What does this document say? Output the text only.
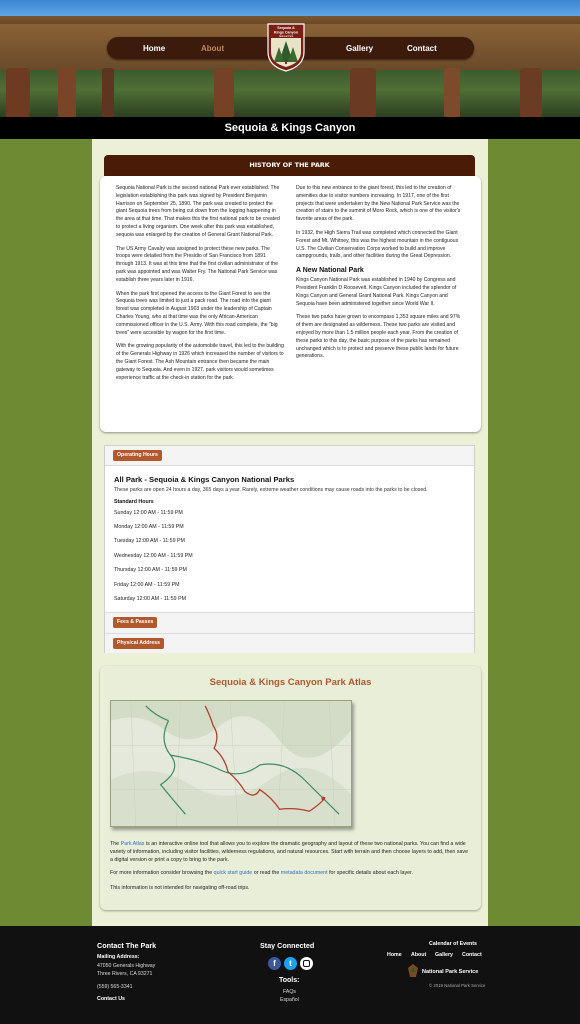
Home	About	Gallery	Contact
Sequoia &
Kings Canyon
National Park
Sequoia & Kings Canyon
HISTORY OF THE PARK

Sequoia National Park is the second national Park ever established. The legislation establishing this park was signed by President Benjamin Harrison on September 25, 1890. The park was created to protect the giant Sequoia trees from being cut down from the logging happening in the area at that time. That makes this the first national park to be created to protect a living organism. One week after this park was established, sequoia was enlarged by the creation of General Grant National Park.

The US Army Cavalry was assigned to protect these new parks. The troops were detailed from the Presidio of San Francisco from 1891 through 1913. It was at this time that the first civilian administrator of the park was appointed and was Walter Fry. The National Park Service was establish three years later in 1916.

When the park first opened the access to the Giant Forest to see the Sequoia trees was limited to just a pack road. The road into the giant forest was completed in August 1903 under the leadership of Captain Charles Young, who at that time was the only African-American commissioned officer in the U.S. Army. With this road complete, the "big trees" were accesible by wagon for the first time.

With the growing popularity of the automobile travel, this led to the building of the Generals Highway in 1926 which increased the number of visitors to the Giant Forest. The Ash Mountain entrance then became the main gateway to Sequoia. And even in 1927, park visitors would sometimes experience traffic at the check-in station for the park.

Due to this new entrance to the giant forest, this led to the creation of amenities due to visitor numbers increasing. In 1917, one of the first projects that were undertaken by the New National Park Service was the creation of stairs to the summit of Moro Rock, which is one of the visitor's favorite areas of the park.

In 1932, the High Sierra Trail was completed which connected the Giant Forest and Mt. Whitney, this was the highest mountain in the contiguous U.S. The Civilian Conservation Corps worked to build and improve campgrounds, trails, and other facilities during the Great Depression.

A New National Park

Kings Canyon National Park was established in 1940 by Congress and President Franklin D Roosevelt. Kings Canyon included the splendor of Kings Canyon and General Grant National Park. Kings Canyon and Sequoia have been administered together since World War II.

These two parks have grown to encompass 1,353 square miles and 97% of them are designated as wilderness. These two parks are visited and enjoyed by more than 1.5 million people each year. From the creation of these parks to this day, the basic purpose of the parks has remained unchanged which is to protect and preserve these public lands for future generations.

Operating Hours
All Park - Sequoia & Kings Canyon National Parks
These parks are open 24 hours a day, 365 days a year. Rarely, extreme weather conditions may cause roads into the parks to be closed.
Standard Hours
Sunday 12:00 AM - 11:59 PM
Monday 12:00 AM - 11:59 PM
Tuesday 12:00 AM - 11:59 PM
Wednesday 12:00 AM - 11:59 PM
Thursday 12:00 AM - 11:59 PM
Friday 12:00 AM - 11:59 PM
Saturday 12:00 AM - 11:59 PM
Fees & Passes
Physical Address
Sequoia & Kings Canyon Park Atlas
·
The Park Atlas is an interactive online tool that allows you to explore the dramatic geography and layout of these two national parks. You can find a wide variety of information, including visitor facilities, wilderness regulations, and natural resources. Start with terrain and then choose layers to add, then save a digital version or print a copy to bring to the park.
For more information consider browsing the quick start guide or read the metadata document for specific details about each layer.
This information is not intended for navigating off-road trips.
Contact The Park
Mailing Address:
47050 Generals Highway
Three Rivers, CA 93271
(559) 565-3341
Contact Us
Stay Connected
f	t
Tools:
FAQs
Español
Calendar of Events
Home About Gallery Contact
National Park Service
© 2019 National Park Service
